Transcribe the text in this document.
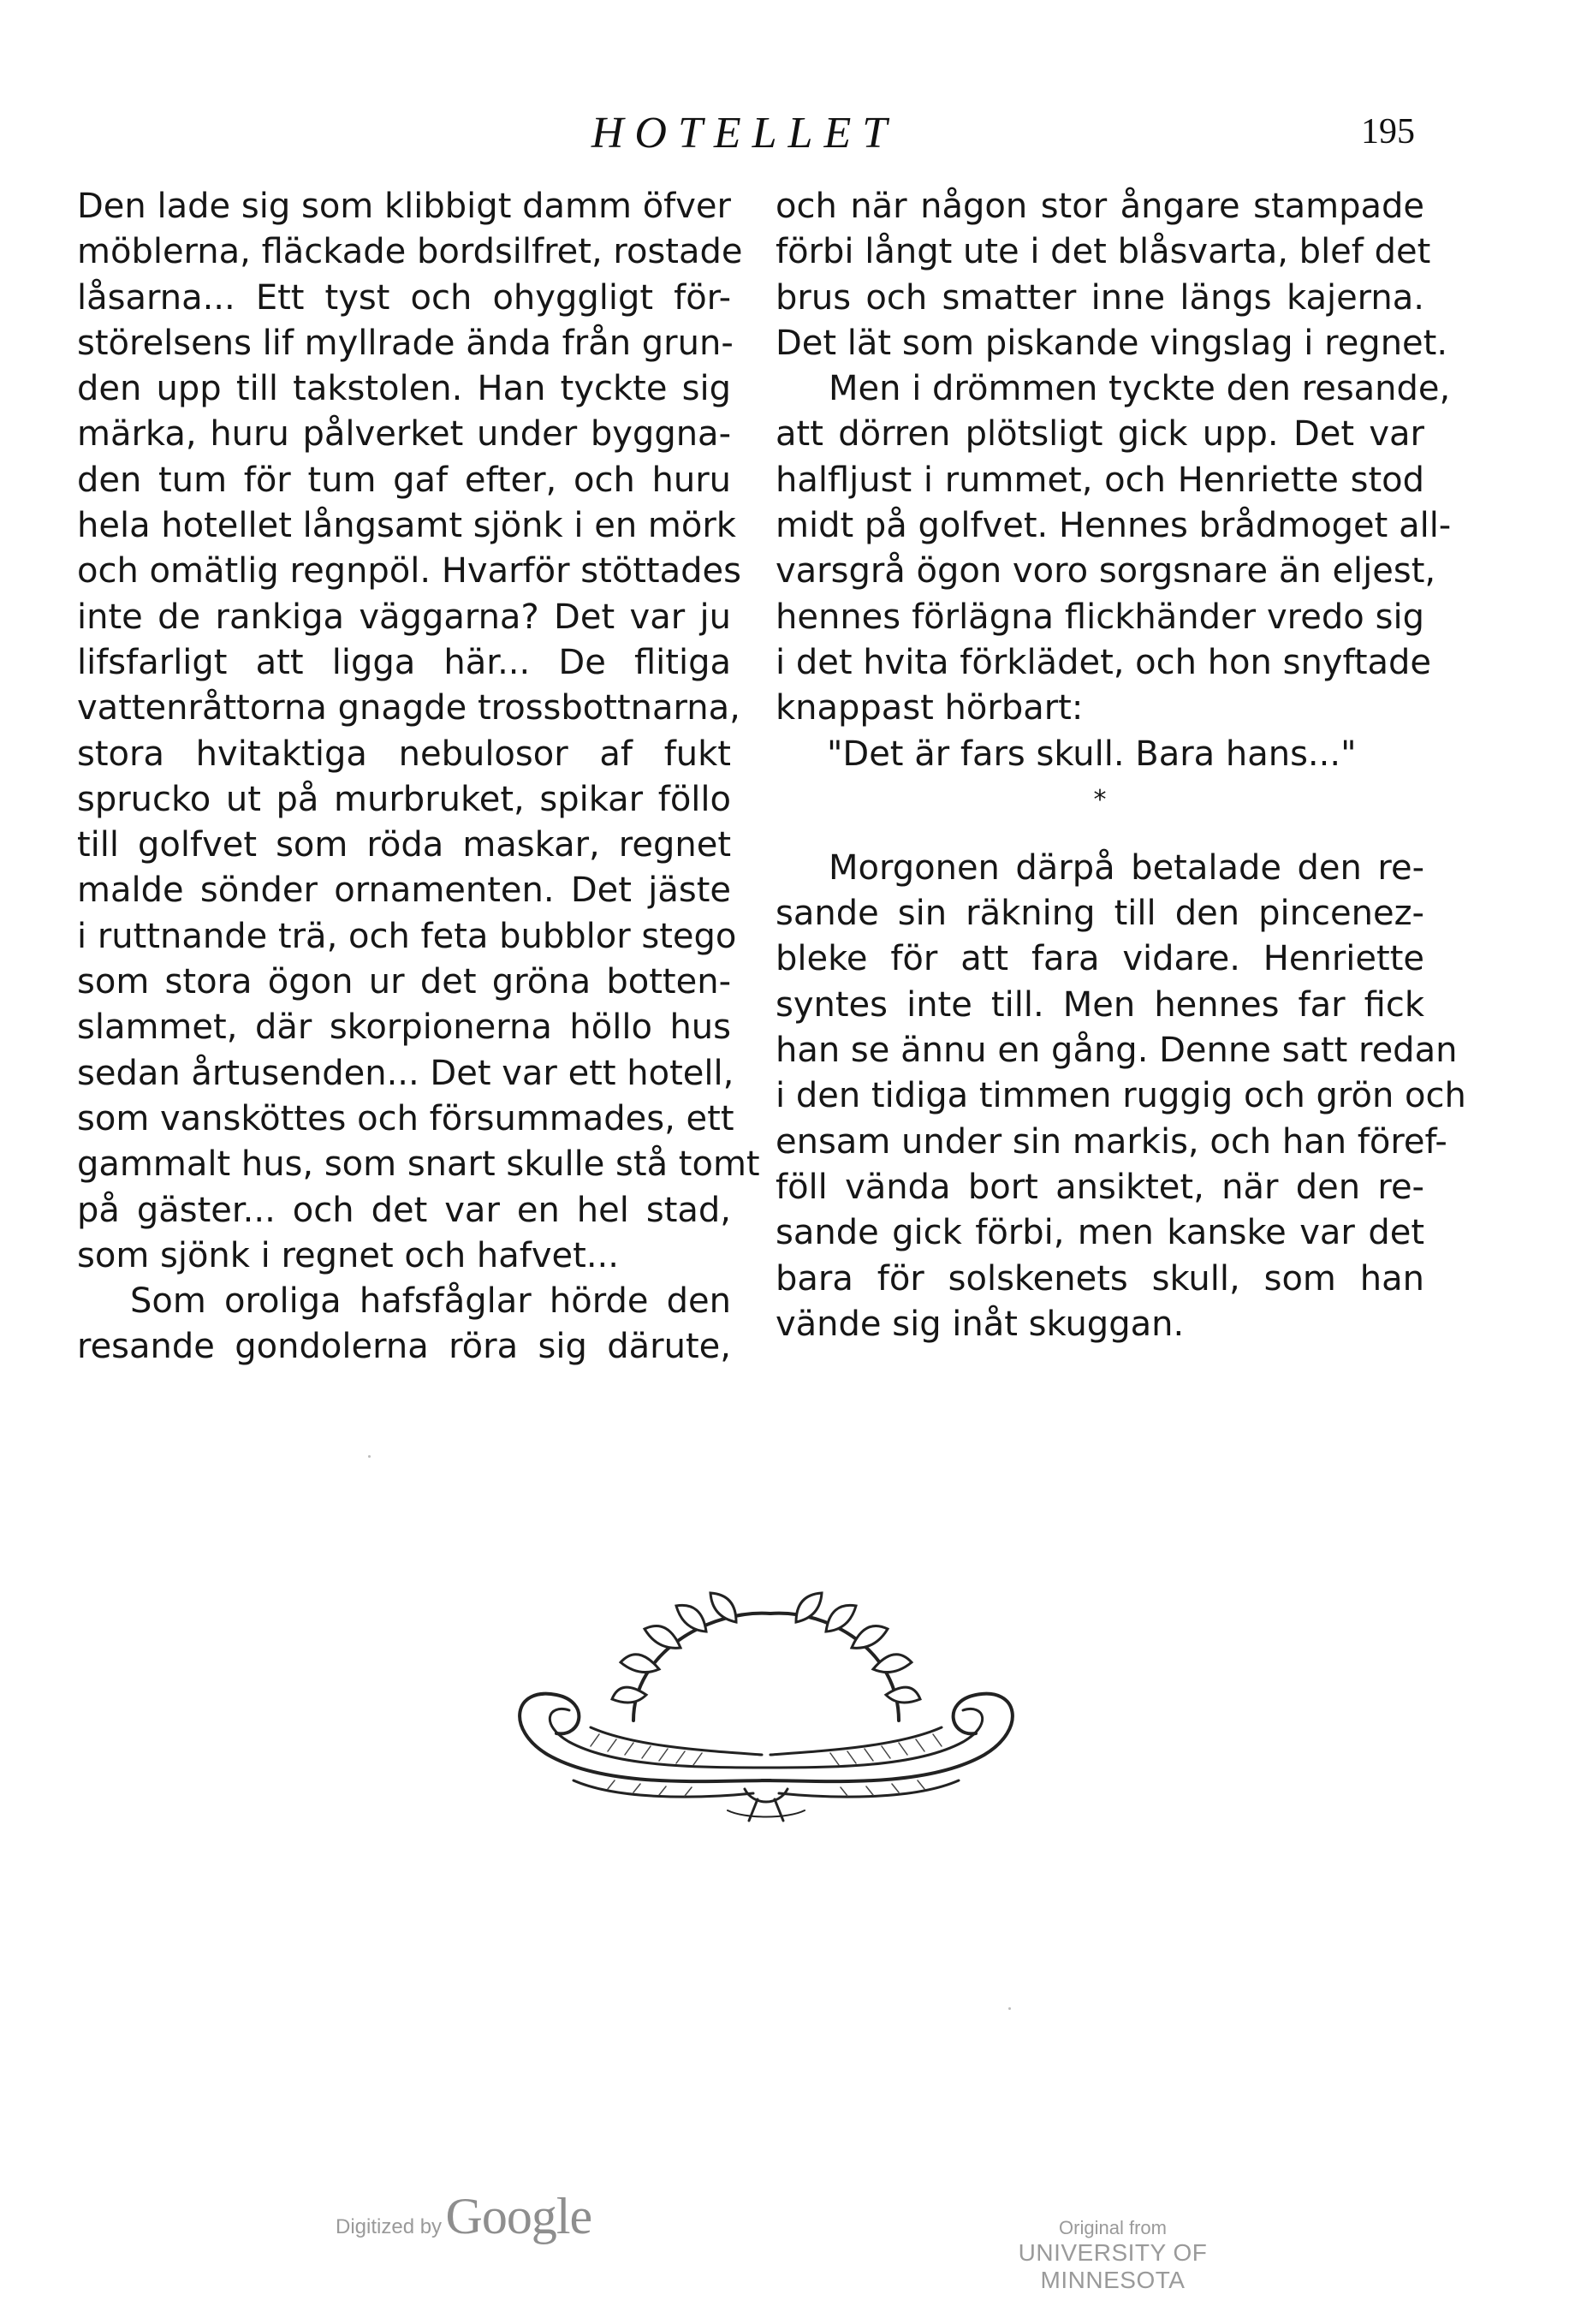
HOTELLET	195
Den lade sig som klibbigt damm öfver
möblerna, fläckade bordsilfret, rostade
låsarna... Ett tyst och ohyggligt för-
störelsens lif myllrade ända från grun-
den upp till takstolen. Han tyckte sig
märka, huru pålverket under byggna-
den tum för tum gaf efter, och huru
hela hotellet långsamt sjönk i en mörk
och omätlig regnpöl. Hvarför stöttades
inte de rankiga väggarna? Det var ju
lifsfarligt att ligga här... De flitiga
vattenråttorna gnagde trossbottnarna,
stora hvitaktiga nebulosor af fukt
sprucko ut på murbruket, spikar föllo
till golfvet som röda maskar, regnet
malde sönder ornamenten. Det jäste
i ruttnande trä, och feta bubblor stego
som stora ögon ur det gröna botten-
slammet, där skorpionerna höllo hus
sedan årtusenden... Det var ett hotell,
som vansköttes och försummades, ett
gammalt hus, som snart skulle stå tomt
på gäster... och det var en hel stad,
som sjönk i regnet och hafvet...
Som oroliga hafsfåglar hörde den
resande gondolerna röra sig därute,
och när någon stor ångare stampade
förbi långt ute i det blåsvarta, blef det
brus och smatter inne längs kajerna.
Det lät som piskande vingslag i regnet.
Men i drömmen tyckte den resande,
att dörren plötsligt gick upp. Det var
halfljust i rummet, och Henriette stod
midt på golfvet. Hennes brådmoget all-
varsgrå ögon voro sorgsnare än eljest,
hennes förlägna flickhänder vredo sig
i det hvita förklädet, och hon snyftade
knappast hörbart:
"Det är fars skull. Bara hans..."
*
Morgonen därpå betalade den re-
sande sin räkning till den pincenez-
bleke för att fara vidare. Henriette
syntes inte till. Men hennes far fick
han se ännu en gång. Denne satt redan
i den tidiga timmen ruggig och grön och
ensam under sin markis, och han föref-
föll vända bort ansiktet, när den re-
sande gick förbi, men kanske var det
bara för solskenets skull, som han
vände sig inåt skuggan.
Digitized by Google	Original from
UNIVERSITY OF MINNESOTA
